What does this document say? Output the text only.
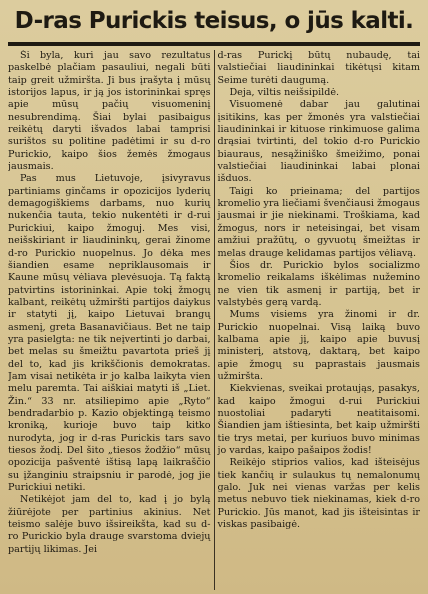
D-ras Purickis teisus, o jūs kalti.

Ši byla, kuri jau savo rezultatus paskelbė plačiam pasauliui, negali būti taip greit užmiršta. Ji bus įrašyta į mūsų istorijos lapus, ir ją jos istorininkai spręs apie mūsų pačių visuomeninį nesubrendimą. Šiai bylai pasibaigus reikėtų daryti išvados labai tamprisi surištos su politine padėtimi ir su d-ro Purickio, kaipo šios žemės žmogaus jausmais.

Pas mus Lietuvoje, įsivyravus partiniams ginčams ir opozicijos lyderių demagogiškiems darbams, nuo kurių nukenčia tauta, tekio nukentėti ir d-rui Purickiui, kaipo žmoguj. Mes visi, neišskiriant ir liaudininkų, gerai žinome d-ro Purickio nuopelnus. Jo dėka mes šiandien esame nepriklausomais ir Kaune mūsų vėliava plevėsuoja. Tą faktą patvirtins istorininkai. Apie tokį žmogų kalbant, reikėtų užmiršti partijos daiykus ir statyti jį, kaipo Lietuvai brangų asmenį, greta Basanavičiaus. Bet ne taip yra pasielgta: ne tik neįvertinti jo darbai, bet melas su šmeižtu pavartota prieš jį del to, kad jis krikščionis demokratas. Jam visai netikėta ir jo kalba laikyta vien melu paremta. Tai aiškiai matyti iš „Liet. Žin.“ 33 nr. atsiliepimo apie „Ryto“ bendradarbio p. Kazio objektingą teismo kroniką, kurioje buvo taip kitko nurodyta, jog ir d-ras Purickis tars savo tiesos žodį. Del šito „tiesos žodžio“ mūsų opozicija pašventė ištisą lapą laikraščio su įžanginiu straipsniu ir parodė, jog jie Purickiui netiki.

Netikėjot jam del to, kad į jo bylą žiūrėjote per partinius akinius. Net teismo salėje buvo išsireikšta, kad su d-ro Purickio byla drauge svarstoma dviejų partijų likimas. Jei

d-ras Purickį būtų nubaudę, tai valstiečiai liaudininkai tikėtųsi kitam Seime turėti daugumą.

Deja, viltis neišsipildė.

Visuomenė dabar jau galutinai įsitikins, kas per žmonės yra valstiečiai liaudininkai ir kituose rinkimuose galima drąsiai tvirtinti, del tokio d-ro Purickio biauraus, nesąžiniško šmeižimo, ponai valstiečiai liaudininkai labai plonai išduos.

Taigi ko prieinama; del partijos kromelio yra liečiami švenčiausi žmogaus jausmai ir jie niekinami. Troškiama, kad žmogus, nors ir neteisingai, bet visam amžiui pražūtų, o gyvuotų šmeižtas ir melas drauge kelidamas partijos vėliavą.

Šios dr. Purickio bylos socializmo kromelio reikalams iškėlimas nužeminо ne vien tik asmenį ir partiją, bet ir valstybės gerą vardą.

Mums visiems yra žinomi ir dr. Purickio nuopelnai. Visą laiką buvo kalbama apie jį, kaipo apie buvusį ministerį, atstovą, daktarą, bet kaipo apie žmogų su paprastais jausmais užmiršta.

Kiekvienas, sveikai protaująs, pasakys, kad kaipo žmogui d-rui Purickiui nuostoliai padaryti neatitaisomi. Šiandien jam ištiesinta, bet kaip užmiršti tie trys metai, per kuriuos buvo minimas jo vardas, kaipo pašaipos žodis!

Reikėjo stiprios valios, kad išteisėjus tiek kančių ir sulaukus tų nemalonumų galo. Juk nei vienas varžas per kelis metus nebuvo tiek niekinamas, kiek d-ro Purickio. Jūs manot, kad jis išteisintas ir viskas pasibaigė.
